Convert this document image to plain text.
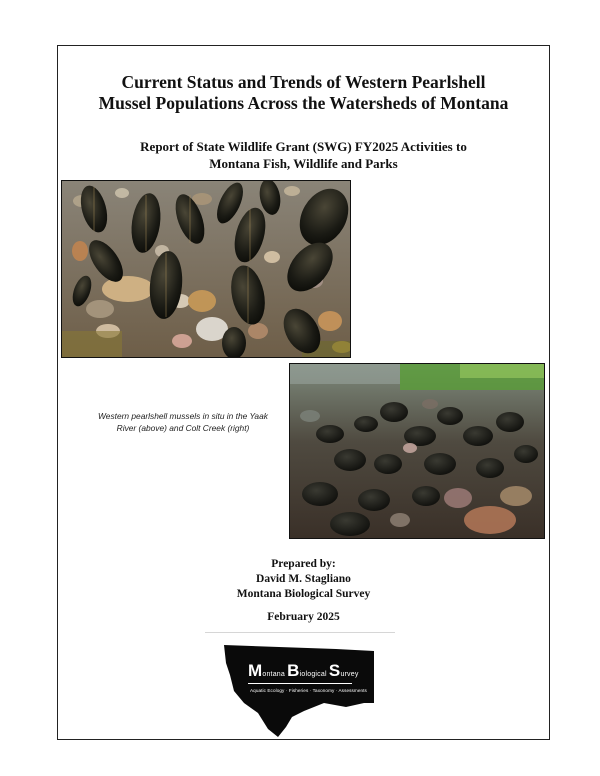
Current Status and Trends of Western Pearlshell
Mussel Populations Across the Watersheds of Montana
Report of State Wildlife Grant (SWG) FY2025 Activities to
Montana Fish, Wildlife and Parks
Western pearlshell mussels in situ in the Yaak
River (above) and Colt Creek (right)
Prepared by:
David M. Stagliano
Montana Biological Survey
February 2025
Montana Biological Survey
Aquatic Ecology · Fisheries · Taxonomy · Assessments
